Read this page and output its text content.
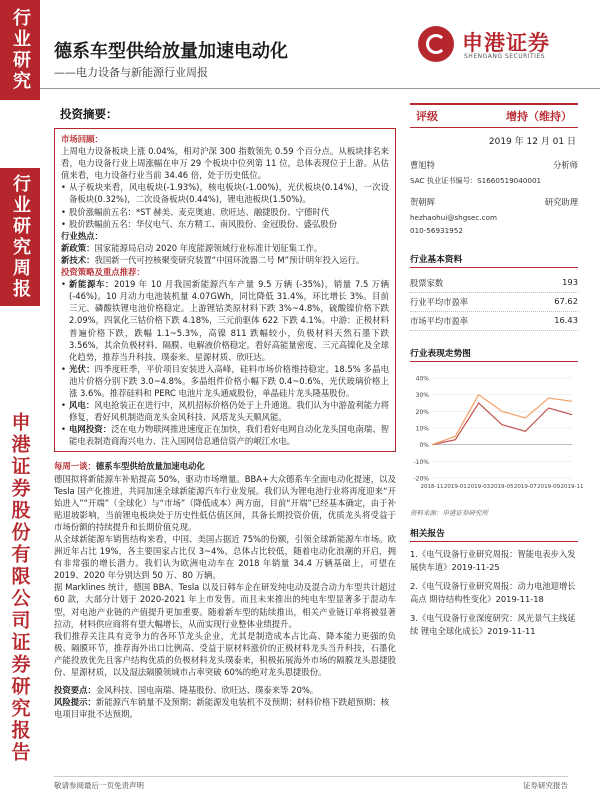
行业研究
行业研究周报
申港证券股份有限公司证券研究报告
德系车型供给放量加速电动化
——电力设备与新能源行业周报
申港证券
SHENGANG SECURITIES
投资摘要：
市场回顾：

上周电力设备板块上涨 0.04%，相对沪深 300 指数领先 0.59 个百分点。从板块排名来看，电力设备行业上周涨幅在申万 29 个板块中位列第 11 位，总体表现位于上游。从估值来看，电力设备行业当前 34.46 倍，处于历史低位。

• 从子板块来看，风电板块(-1.93%)，核电板块(-1.00%)，光伏板块(0.14%)，一次设备板块(0.32%)，二次设备板块(0.44%)，锂电池板块(1.50%)。

• 股价涨幅前五名：*ST 赫美、麦克奥迪、欣旺达、融捷股份、宁德时代

• 股价跌幅前五名：华仪电气、东方精工、南风股份、金冠股份、盛弘股份

行业热点：

新政策：国家能源局启动 2020 年度能源领域行业标准计划征集工作。

新技术：我国新一代可控核聚变研究装置“中国环流器二号 M”预计明年投入运行。

投资策略及重点推荐：

• 新能源车：2019 年 10 月我国新能源汽车产量 9.5 万辆 (-35%)，销量 7.5 万辆 (-46%)。10 月动力电池装机量 4.07GWh，同比降低 31.4%，环比增长 3%。目前三元、磷酸铁锂电池价格稳定。上游锂钴类原材料下跌 3%~4.8%，硫酸镍价格下跌 2.09%，四氧化三钴价格下跌 4.18%，三元前驱体 622 下跌 4.1%。中游：正极材料普遍价格下跌，跌幅 1.1~5.3%，高镍 811 跌幅较小，负极材料天然石墨下跌 3.56%，其余负极材料、隔膜、电解液价格稳定。看好高能量密度、三元高镍化及全球化趋势，推荐当升科技、璞泰来、星源材质、欣旺达。

• 光伏：四季度旺季，平价项目安装进入高峰，硅料市场价格维持稳定。18.5% 多晶电池片价格分别下跌 3.0~4.8%。多晶组件价格小幅下跌 0.4~0.6%，光伏玻璃价格上涨 3.6%。推荐硅料和 PERC 电池片龙头通威股份，单晶硅片龙头隆基股份。

• 风电：风电抢装正在进行中，风机招标价格仍处于上升通道。我们认为中游盈利能力将修复，看好风机制造商龙头金风科技、风塔龙头天顺风能。

• 电网投资：泛在电力物联网推进速度正在加快，我们看好电网自动化龙头国电南瑞、智能电表制造商海兴电力、注入国网信息通信资产的岷江水电。

每周一谈：德系车型供给放量加速电动化

德国拟将新能源车补贴提高 50%，驱动市场增量。BBA+大众德系车全面电动化提速，以及 Tesla 国产化推进，共同加速全球新能源汽车行业发展。我们认为锂电池行业将再度迎来“开始进入”“开端”（全球化）与“市场”（降低成本）两方面，目前“开端”已经基本确定，由于补贴退坡影响，当前锂电板块处于历史性低估值区间，具备长期投资价值，优质龙头将受益于市场份额的持续提升和长期价值兑现。

从全球新能源车销售结构来看，中国、美国占据近 75%的份额，引领全球新能源车市场。欧洲近年占比 19%，各主要国家占比仅 3~4%。总体占比较低，随着电动化浪潮的开启，拥有非常强的增长潜力。我们认为欧洲电动车在 2018 年销量 34.4 万辆基础上，可望在 2019、2020 年分别达到 50 万、80 万辆。

据 Marklines 统计，德国 BBA、Tesla 以及日韩车企在研发纯电动及混合动力车型共计超过 60 款，大部分计划于 2020-2021 年上市发售。而且未来推出的纯电车型显著多于混动车型，对电池产业链的产值提升更加重要。随着新车型的陆续推出，相关产业链订单将被显著拉动，材料供应商将有望大幅增长，从而实现行业整体业绩提升。

我们推荐关注具有竞争力的各环节龙头企业，尤其是制造成本占比高、降本能力更强的负极、隔膜环节，推荐海外出口比例高、受益于原材料涨价的正极材料龙头当升科技，石墨化产能投放优先且客户结构优质的负极材料龙头璞泰来，积极拓展海外市场的隔膜龙头恩捷股份、星源材质，以及湿法隔膜领域市占率突破 60%的绝对龙头恩捷股份。

投资要点：金风科技、国电南瑞、隆基股份、欣旺达、璞泰来等 20%。

风险提示：新能源汽车销量不及预期；新能源发电装机不及预期；材料价格下跌超预期；核电项目审批不达预期。

评级	增持（维持）
2019 年 12 月 01 日
曹旭特	分析师
SAC 执业证书编号：S1660519040001
贺朝辉	研究助理
hezhaohui@shgsec.com
010-56931952
行业基本资料
股票家数	193
行业平均市盈率	67.62
市场平均市盈率	16.43
行业表现走势图
-20%
-10%
0%
10%
20%
30%
40%
2018-11 2019-01 2019-03 2019-05 2019-07 2019-09 2019-11
资料来源：申港证券研究所
相关报告
1.《电气设备行业研究周报：智能电表步入发展快车道》2019-11-25
2.《电气设备行业研究周报：动力电池迎增长高点 期待结构性变化》2019-11-18
3.《电气设备行业深度研究：风光景气主线延续 锂电全球化成长》2019-11-11
敬请参阅最后一页免责声明	证券研究报告
